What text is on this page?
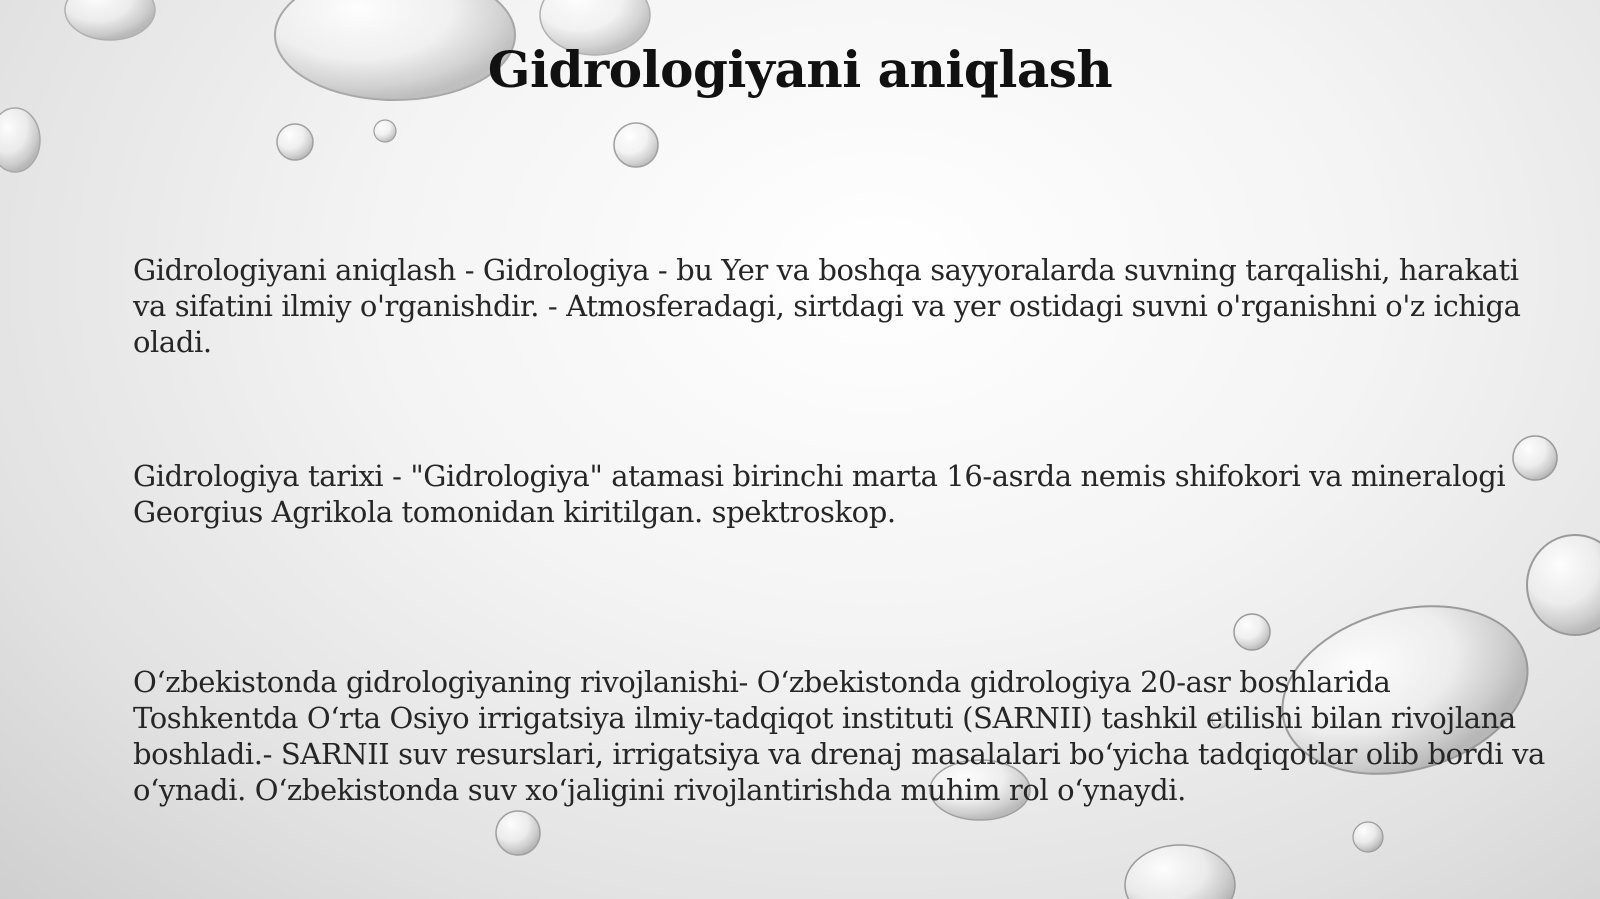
Gidrologiyani aniqlash

Gidrologiyani aniqlash - Gidrologiya - bu Yer va boshqa sayyoralarda suvning tarqalishi, harakati va sifatini ilmiy o'rganishdir. - Atmosferadagi, sirtdagi va yer ostidagi suvni o'rganishni o'z ichiga oladi.

Gidrologiya tarixi - "Gidrologiya" atamasi birinchi marta 16-asrda nemis shifokori va mineralogi Georgius Agrikola tomonidan kiritilgan. spektroskop.

O‘zbekistonda gidrologiyaning rivojlanishi- O‘zbekistonda gidrologiya 20-asr boshlarida Toshkentda O‘rta Osiyo irrigatsiya ilmiy-tadqiqot instituti (SARNII) tashkil etilishi bilan rivojlana boshladi.- SARNII suv resurslari, irrigatsiya va drenaj masalalari bo‘yicha tadqiqotlar olib bordi va o‘ynadi. O‘zbekistonda suv xo‘jaligini rivojlantirishda muhim rol o‘ynaydi.
